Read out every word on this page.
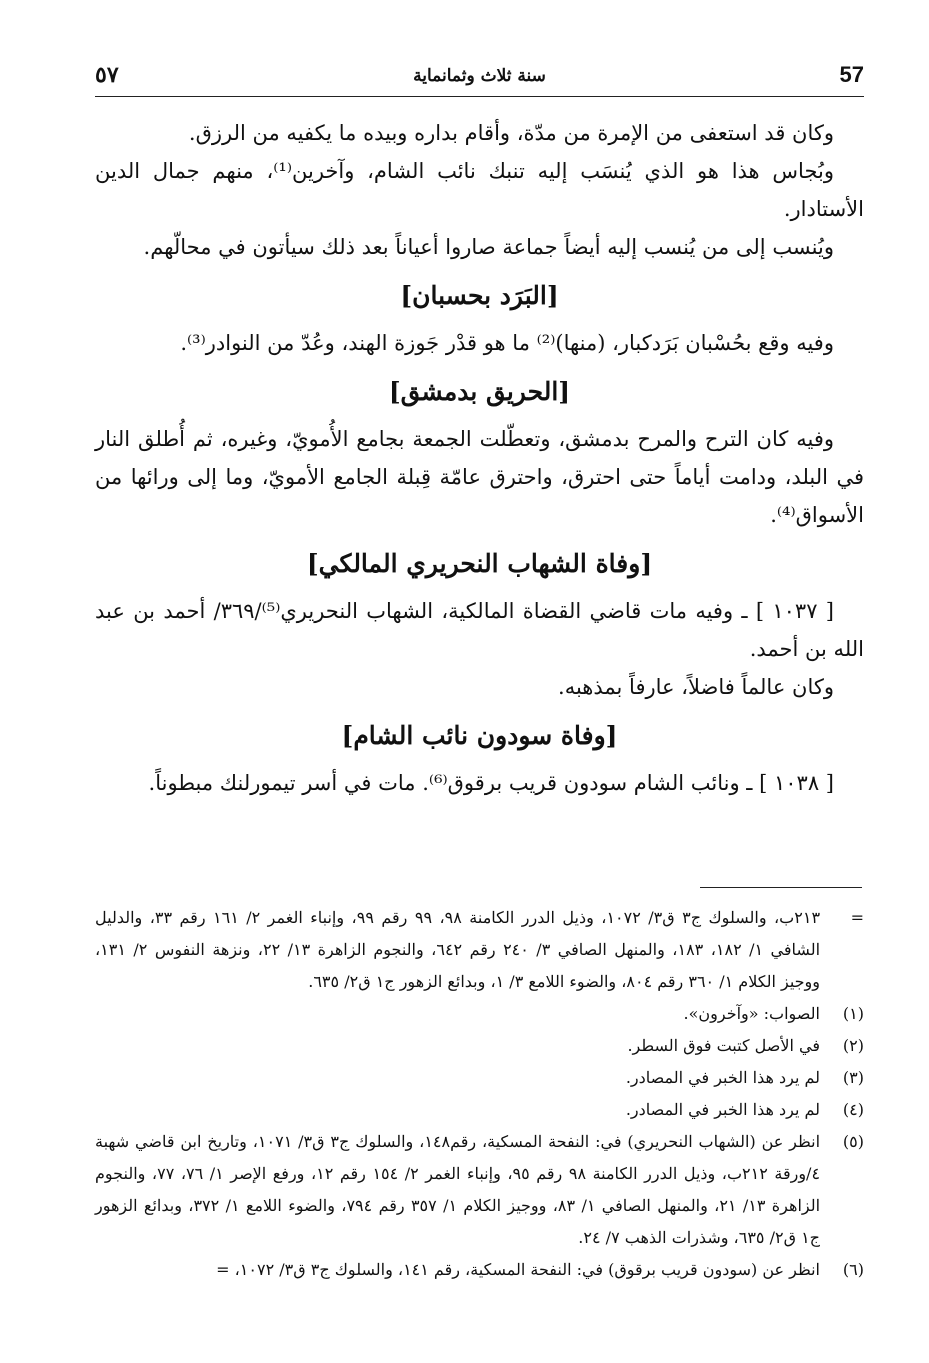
٥٧	سنة ثلاث وثمانماية	57

وكان قد استعفى من الإمرة من مدّة، وأقام بداره وبيده ما يكفيه من الرزق.

وبُجاس هذا هو الذي يُنسَب إليه تنبك نائب الشام، وآخرين⁽¹⁾، منهم جمال الدين الأستادار.

ويُنسب إلى من يُنسب إليه أيضاً جماعة صاروا أعياناً بعد ذلك سيأتون في محالّهم.

[البَرَد بحسبان]

وفيه وقع بحُسْبان بَرَدكبار، (منها)⁽²⁾ ما هو قدْر جَوزة الهند، وعُدّ من النوادر⁽³⁾.

[الحريق بدمشق]

وفيه كان الترح والمرح بدمشق، وتعطّلت الجمعة بجامع الأُمويّ، وغيره، ثم أُطلق النار في البلد، ودامت أياماً حتى احترق، واحترق عامّة قِبلة الجامع الأمويّ، وما إلى ورائها من الأسواق⁽⁴⁾.

[وفاة الشهاب النحريري المالكي]

[ ١٠٣٧ ] ـ وفيه مات قاضي القضاة المالكية، الشهاب النحريري⁽⁵⁾/٣٦٩/ أحمد بن عبد الله بن أحمد.

وكان عالماً فاضلاً، عارفاً بمذهبه.

[وفاة سودون نائب الشام]

[ ١٠٣٨ ] ـ ونائب الشام سودون قريب برقوق⁽⁶⁾. مات في أسر تيمورلنك مبطوناً.

=
٢١٣ب، والسلوك ج٣ ق٣/ ١٠٧٢، وذيل الدرر الكامنة ٩٨، ٩٩ رقم ٩٩، وإنباء الغمر ٢/ ١٦١ رقم ٣٣، والدليل الشافي ١/ ١٨٢، ١٨٣، والمنهل الصافي ٣/ ٢٤٠ رقم ٦٤٢، والنجوم الزاهرة ١٣/ ٢٢، ونزهة النفوس ٢/ ١٣١، ووجيز الكلام ١/ ٣٦٠ رقم ٨٠٤، والضوء اللامع ٣/ ١، وبدائع الزهور ج١ ق٢/ ٦٣٥.
(١)
الصواب: «وآخرون».
(٢)
في الأصل كتبت فوق السطر.
(٣)
لم يرد هذا الخبر في المصادر.
(٤)
لم يرد هذا الخبر في المصادر.
(٥)
انظر عن (الشهاب النحريري) في: النفحة المسكية، رقم١٤٨، والسلوك ج٣ ق٣/ ١٠٧١، وتاريخ ابن قاضي شهبة ٤/ورقة ٢١٢ب، وذيل الدرر الكامنة ٩٨ رقم ٩٥، وإنباء الغمر ٢/ ١٥٤ رقم ١٢، ورفع الإصر ١/ ٧٦، ٧٧، والنجوم الزاهرة ١٣/ ٢١، والمنهل الصافي ١/ ٨٣، ووجيز الكلام ١/ ٣٥٧ رقم ٧٩٤، والضوء اللامع ١/ ٣٧٢، وبدائع الزهور ج١ ق٢/ ٦٣٥، وشذرات الذهب ٧/ ٢٤.
(٦)
انظر عن (سودون قريب برقوق) في: النفحة المسكية، رقم ١٤١، والسلوك ج٣ ق٣/ ١٠٧٢، =
